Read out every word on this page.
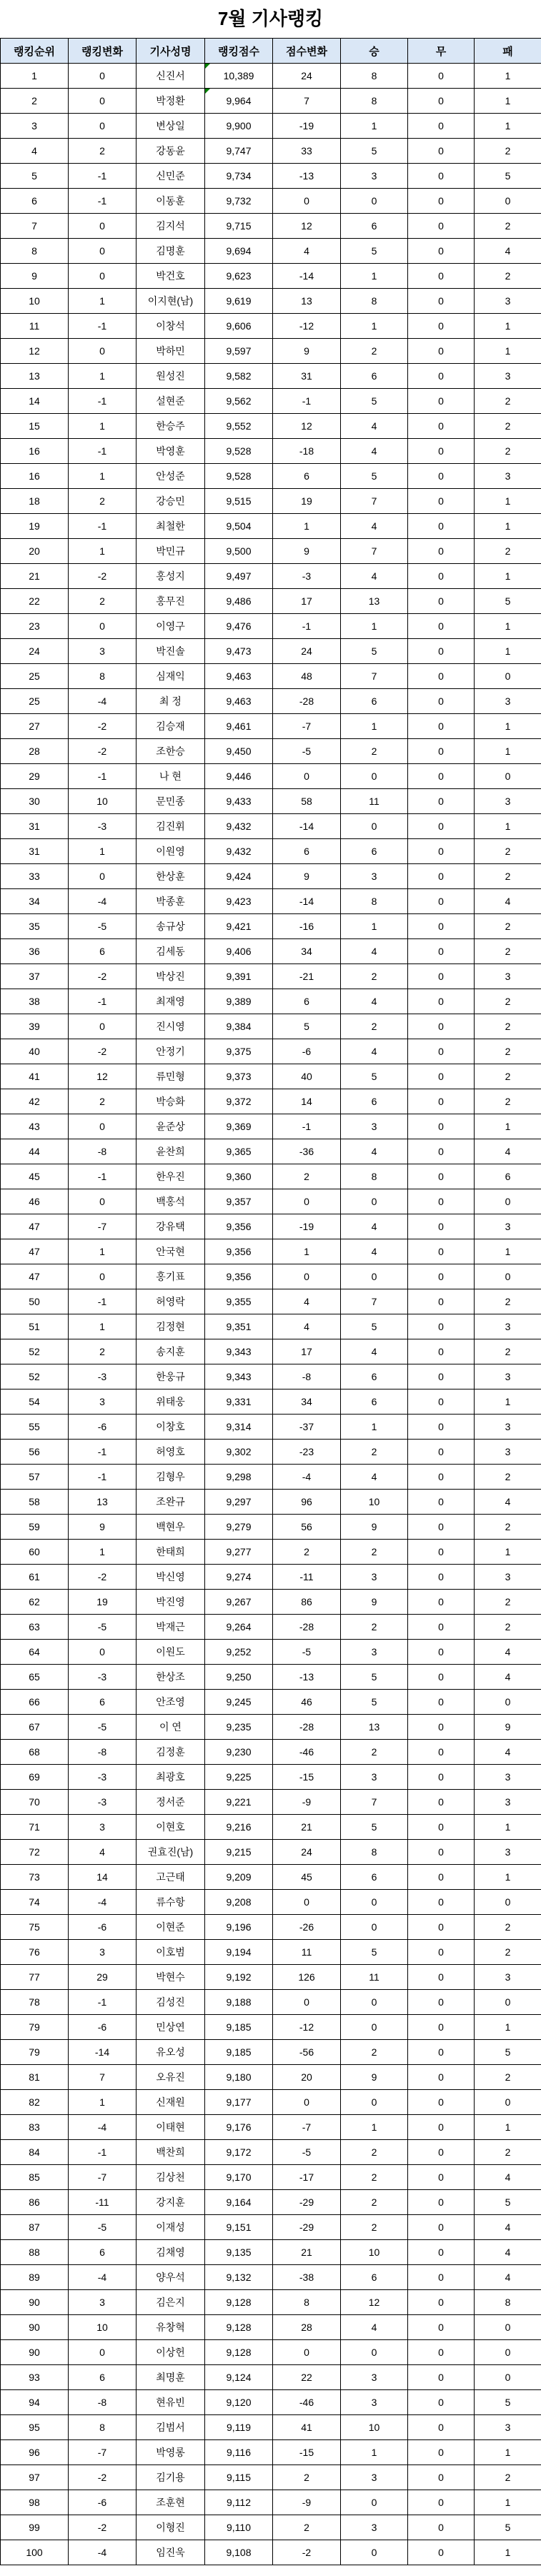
7월 기사랭킹
랭킹순위	랭킹변화	기사성명	랭킹점수	점수변화	승	무	패
1	0	신진서	10,389	24	8	0	1
2	0	박정환	9,964	7	8	0	1
3	0	변상일	9,900	-19	1	0	1
4	2	강동윤	9,747	33	5	0	2
5	-1	신민준	9,734	-13	3	0	5
6	-1	이동훈	9,732	0	0	0	0
7	0	김지석	9,715	12	6	0	2
8	0	김명훈	9,694	4	5	0	4
9	0	박건호	9,623	-14	1	0	2
10	1	이지현(남)	9,619	13	8	0	3
11	-1	이창석	9,606	-12	1	0	1
12	0	박하민	9,597	9	2	0	1
13	1	원성진	9,582	31	6	0	3
14	-1	설현준	9,562	-1	5	0	2
15	1	한승주	9,552	12	4	0	2
16	-1	박영훈	9,528	-18	4	0	2
16	1	안성준	9,528	6	5	0	3
18	2	강승민	9,515	19	7	0	1
19	-1	최철한	9,504	1	4	0	1
20	1	박민규	9,500	9	7	0	2
21	-2	홍성지	9,497	-3	4	0	1
22	2	홍무진	9,486	17	13	0	5
23	0	이영구	9,476	-1	1	0	1
24	3	박진솔	9,473	24	5	0	1
25	8	심재익	9,463	48	7	0	0
25	-4	최 정	9,463	-28	6	0	3
27	-2	김승재	9,461	-7	1	0	1
28	-2	조한승	9,450	-5	2	0	1
29	-1	나 현	9,446	0	0	0	0
30	10	문민종	9,433	58	11	0	3
31	-3	김진휘	9,432	-14	0	0	1
31	1	이원영	9,432	6	6	0	2
33	0	한상훈	9,424	9	3	0	2
34	-4	박종훈	9,423	-14	8	0	4
35	-5	송규상	9,421	-16	1	0	2
36	6	김세동	9,406	34	4	0	2
37	-2	박상진	9,391	-21	2	0	3
38	-1	최재영	9,389	6	4	0	2
39	0	진시영	9,384	5	2	0	2
40	-2	안정기	9,375	-6	4	0	2
41	12	류민형	9,373	40	5	0	2
42	2	박승화	9,372	14	6	0	2
43	0	윤준상	9,369	-1	3	0	1
44	-8	윤찬희	9,365	-36	4	0	4
45	-1	한우진	9,360	2	8	0	6
46	0	백홍석	9,357	0	0	0	0
47	-7	강유택	9,356	-19	4	0	3
47	1	안국현	9,356	1	4	0	1
47	0	홍기표	9,356	0	0	0	0
50	-1	허영락	9,355	4	7	0	2
51	1	김정현	9,351	4	5	0	3
52	2	송지훈	9,343	17	4	0	2
52	-3	한웅규	9,343	-8	6	0	3
54	3	위태웅	9,331	34	6	0	1
55	-6	이창호	9,314	-37	1	0	3
56	-1	허영호	9,302	-23	2	0	3
57	-1	김형우	9,298	-4	4	0	2
58	13	조완규	9,297	96	10	0	4
59	9	백현우	9,279	56	9	0	2
60	1	한태희	9,277	2	2	0	1
61	-2	박신영	9,274	-11	3	0	3
62	19	박진영	9,267	86	9	0	2
63	-5	박재근	9,264	-28	2	0	2
64	0	이원도	9,252	-5	3	0	4
65	-3	한상조	9,250	-13	5	0	4
66	6	안조영	9,245	46	5	0	0
67	-5	이 연	9,235	-28	13	0	9
68	-8	김정훈	9,230	-46	2	0	4
69	-3	최광호	9,225	-15	3	0	3
70	-3	정서준	9,221	-9	7	0	3
71	3	이현호	9,216	21	5	0	1
72	4	권효진(남)	9,215	24	8	0	3
73	14	고근태	9,209	45	6	0	1
74	-4	류수항	9,208	0	0	0	0
75	-6	이현준	9,196	-26	0	0	2
76	3	이호범	9,194	11	5	0	2
77	29	박현수	9,192	126	11	0	3
78	-1	김성진	9,188	0	0	0	0
79	-6	민상연	9,185	-12	0	0	1
79	-14	유오성	9,185	-56	2	0	5
81	7	오유진	9,180	20	9	0	2
82	1	신재원	9,177	0	0	0	0
83	-4	이태현	9,176	-7	1	0	1
84	-1	백찬희	9,172	-5	2	0	2
85	-7	김상천	9,170	-17	2	0	4
86	-11	강지훈	9,164	-29	2	0	5
87	-5	이재성	9,151	-29	2	0	4
88	6	김채영	9,135	21	10	0	4
89	-4	양우석	9,132	-38	6	0	4
90	3	김은지	9,128	8	12	0	8
90	10	유창혁	9,128	28	4	0	0
90	0	이상헌	9,128	0	0	0	0
93	6	최명훈	9,124	22	3	0	0
94	-8	현유빈	9,120	-46	3	0	5
95	8	김범서	9,119	41	10	0	3
96	-7	박영롱	9,116	-15	1	0	1
97	-2	김기용	9,115	2	3	0	2
98	-6	조훈현	9,112	-9	0	0	1
99	-2	이형진	9,110	2	3	0	5
100	-4	임진욱	9,108	-2	0	0	1
